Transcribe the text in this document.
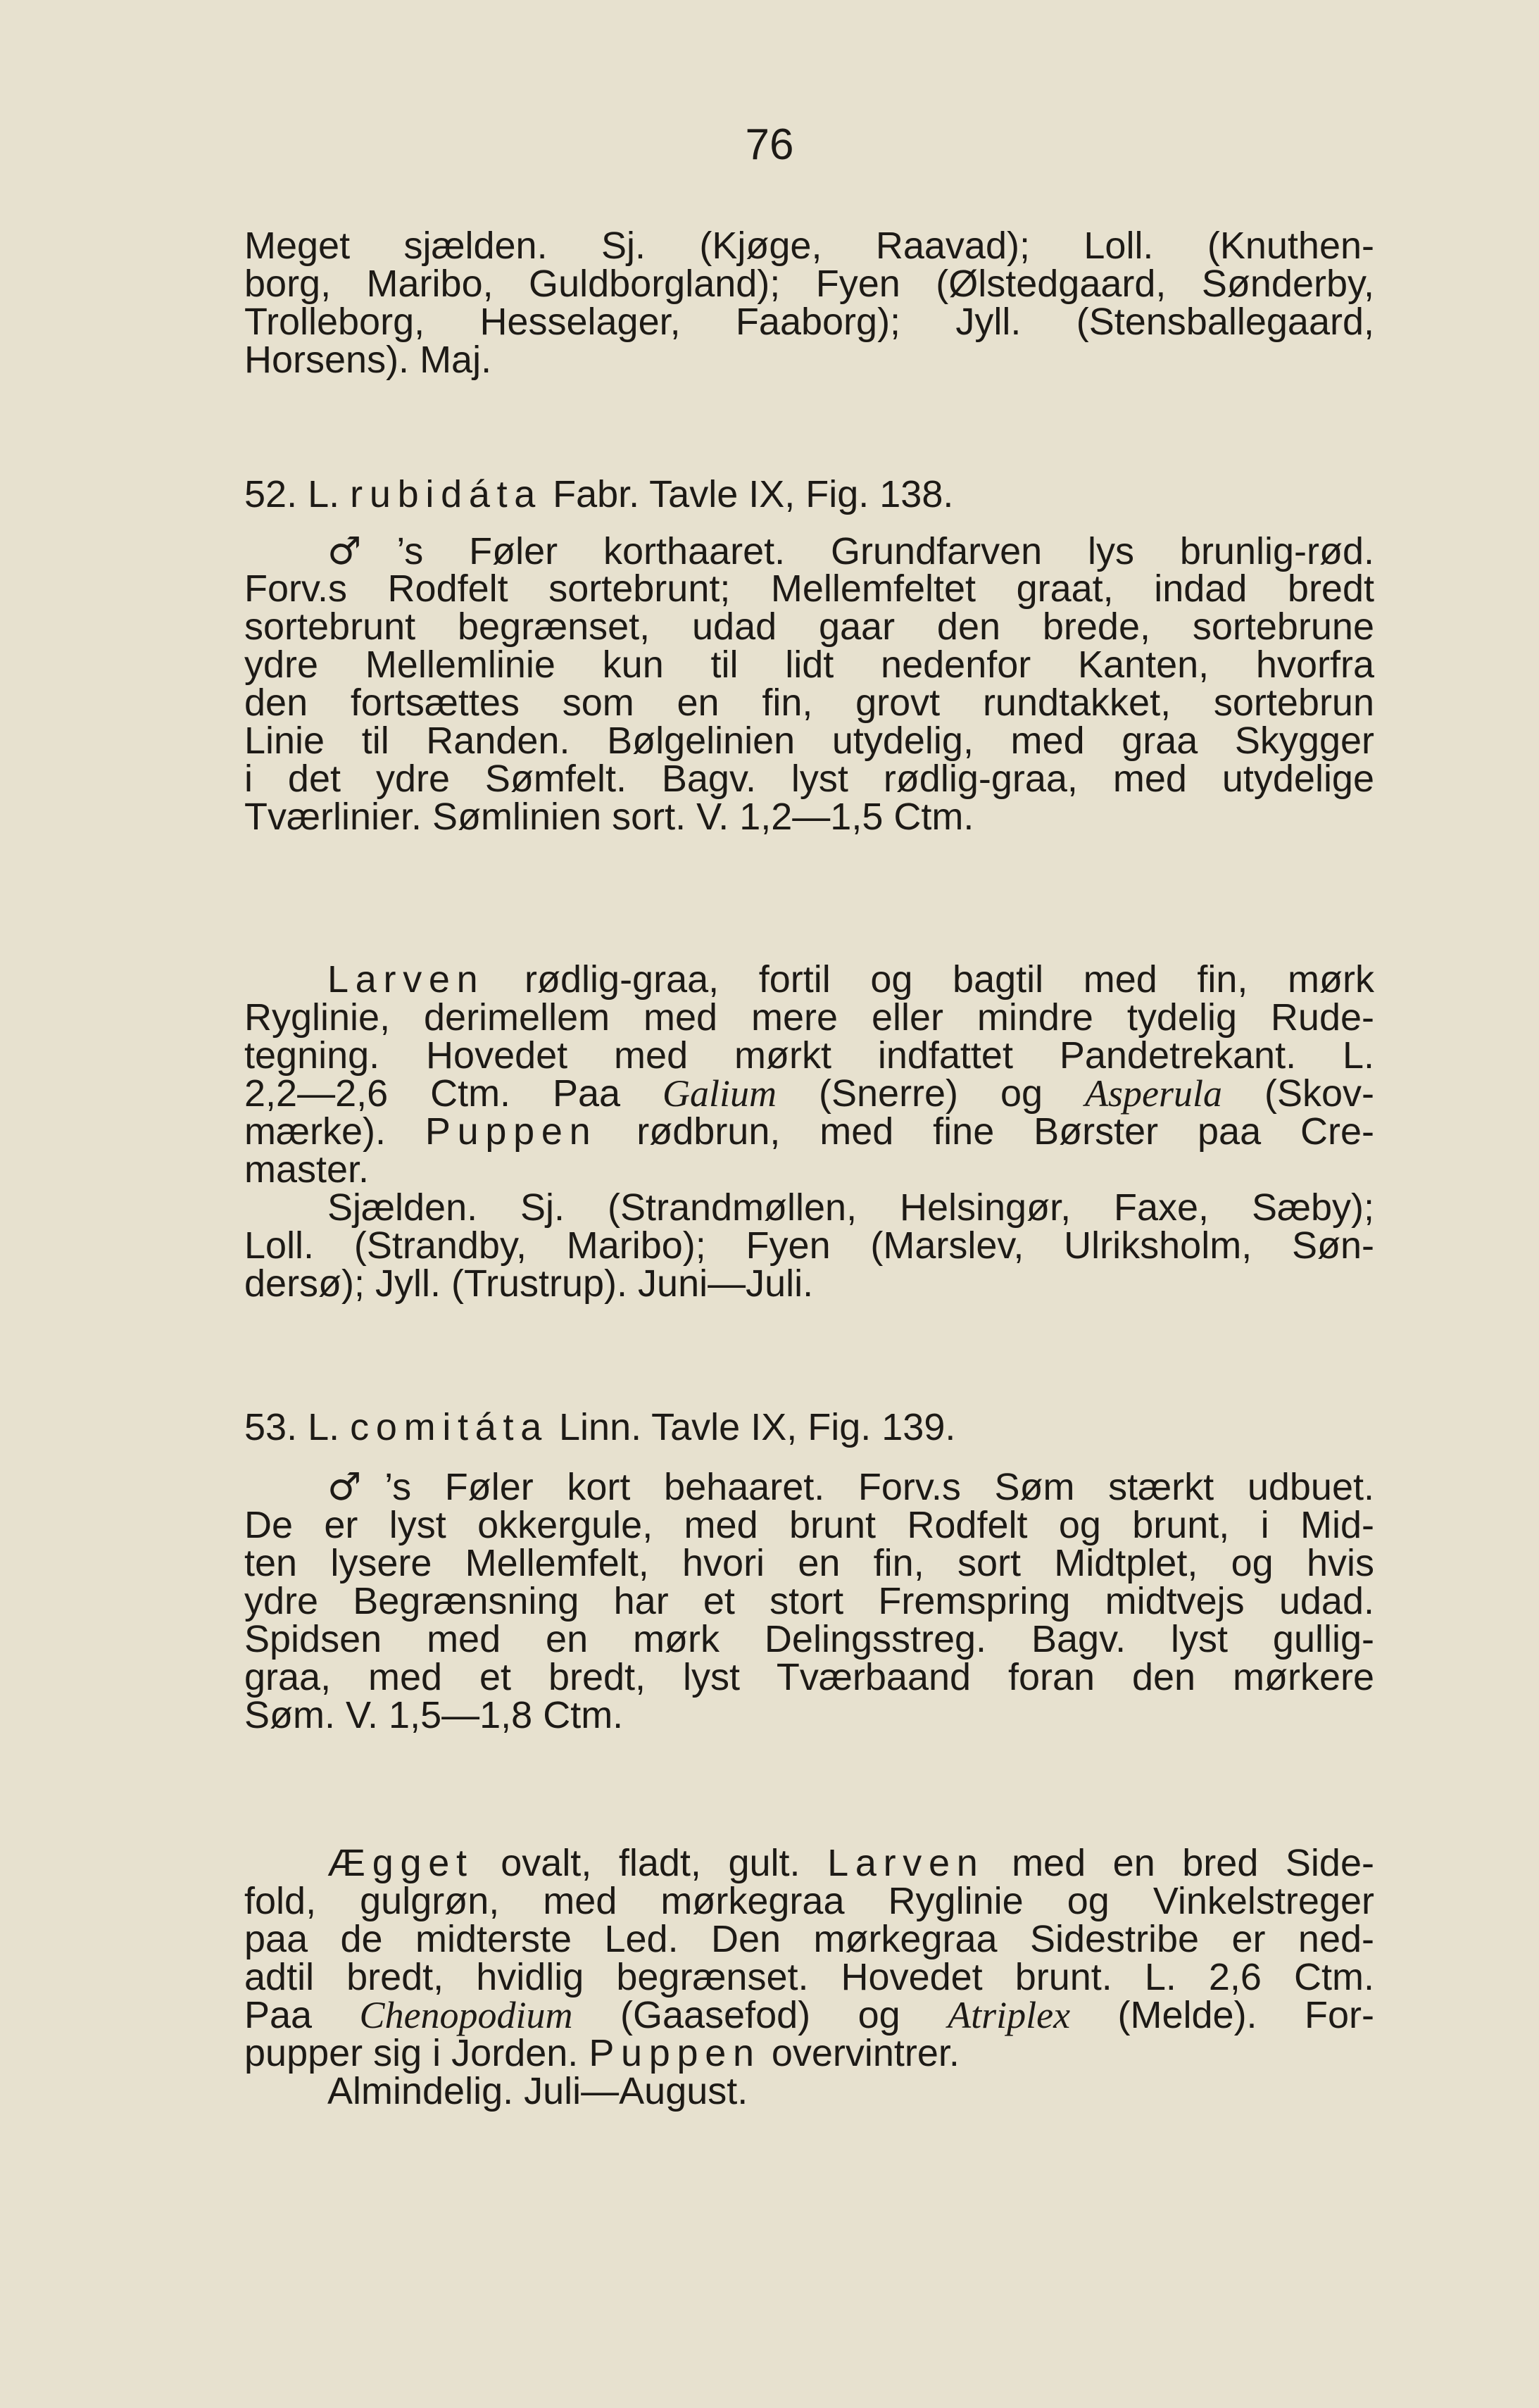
76
Meget sjælden. Sj. (Kjøge, Raavad); Loll. (Knuthen-
borg, Maribo, Guldborgland); Fyen (Ølstedgaard, Sønderby,
Trolleborg, Hesselager, Faaborg); Jyll. (Stensballegaard,
Horsens). Maj.
52. L. rubidáta Fabr. Tavle IX, Fig. 138.
♂’s Føler korthaaret. Grundfarven lys brunlig-rød.
Forv.s Rodfelt sortebrunt; Mellemfeltet graat, indad bredt
sortebrunt begrænset, udad gaar den brede, sortebrune
ydre Mellemlinie kun til lidt nedenfor Kanten, hvorfra
den fortsættes som en fin, grovt rundtakket, sortebrun
Linie til Randen. Bølgelinien utydelig, med graa Skygger
i det ydre Sømfelt. Bagv. lyst rødlig-graa, med utydelige
Tværlinier. Sømlinien sort. V. 1,2—1,5 Ctm.
Larven rødlig-graa, fortil og bagtil med fin, mørk
Ryglinie, derimellem med mere eller mindre tydelig Rude-
tegning. Hovedet med mørkt indfattet Pandetrekant. L.
2,2—2,6 Ctm. Paa Galium (Snerre) og Asperula (Skov-
mærke). Puppen rødbrun, med fine Børster paa Cre-
master.
Sjælden. Sj. (Strandmøllen, Helsingør, Faxe, Sæby);
Loll. (Strandby, Maribo); Fyen (Marslev, Ulriksholm, Søn-
dersø); Jyll. (Trustrup). Juni—Juli.
53. L. comitáta Linn. Tavle IX, Fig. 139.
♂’s Føler kort behaaret. Forv.s Søm stærkt udbuet.
De er lyst okkergule, med brunt Rodfelt og brunt, i Mid-
ten lysere Mellemfelt, hvori en fin, sort Midtplet, og hvis
ydre Begrænsning har et stort Fremspring midtvejs udad.
Spidsen med en mørk Delingsstreg. Bagv. lyst gullig-
graa, med et bredt, lyst Tværbaand foran den mørkere
Søm. V. 1,5—1,8 Ctm.
Ægget ovalt, fladt, gult. Larven med en bred Side-
fold, gulgrøn, med mørkegraa Ryglinie og Vinkelstreger
paa de midterste Led. Den mørkegraa Sidestribe er ned-
adtil bredt, hvidlig begrænset. Hovedet brunt. L. 2,6 Ctm.
Paa Chenopodium (Gaasefod) og Atriplex (Melde). For-
pupper sig i Jorden. Puppen overvintrer.
Almindelig. Juli—August.
